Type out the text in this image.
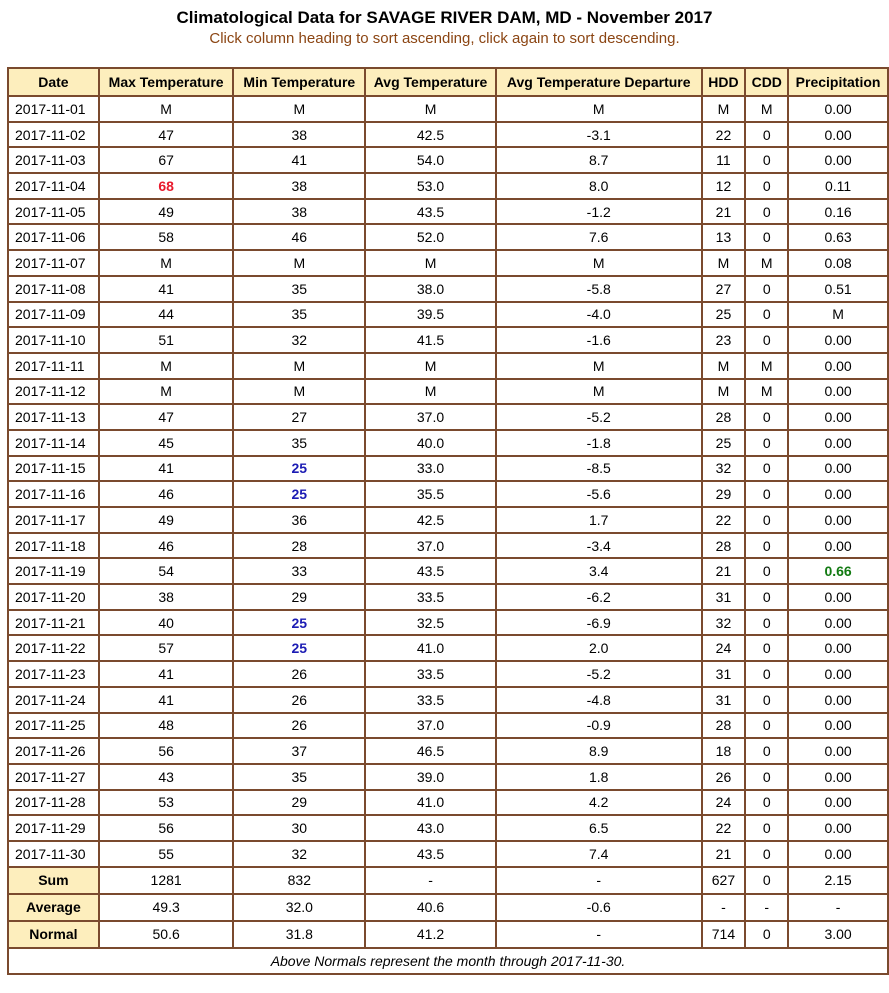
Climatological Data for SAVAGE RIVER DAM, MD - November 2017
Click column heading to sort ascending, click again to sort descending.
Date	Max Temperature	Min Temperature	Avg Temperature	Avg Temperature Departure	HDD	CDD	Precipitation
2017-11-01	M	M	M	M	M	M	0.00
2017-11-02	47	38	42.5	-3.1	22	0	0.00
2017-11-03	67	41	54.0	8.7	11	0	0.00
2017-11-04	68	38	53.0	8.0	12	0	0.11
2017-11-05	49	38	43.5	-1.2	21	0	0.16
2017-11-06	58	46	52.0	7.6	13	0	0.63
2017-11-07	M	M	M	M	M	M	0.08
2017-11-08	41	35	38.0	-5.8	27	0	0.51
2017-11-09	44	35	39.5	-4.0	25	0	M
2017-11-10	51	32	41.5	-1.6	23	0	0.00
2017-11-11	M	M	M	M	M	M	0.00
2017-11-12	M	M	M	M	M	M	0.00
2017-11-13	47	27	37.0	-5.2	28	0	0.00
2017-11-14	45	35	40.0	-1.8	25	0	0.00
2017-11-15	41	25	33.0	-8.5	32	0	0.00
2017-11-16	46	25	35.5	-5.6	29	0	0.00
2017-11-17	49	36	42.5	1.7	22	0	0.00
2017-11-18	46	28	37.0	-3.4	28	0	0.00
2017-11-19	54	33	43.5	3.4	21	0	0.66
2017-11-20	38	29	33.5	-6.2	31	0	0.00
2017-11-21	40	25	32.5	-6.9	32	0	0.00
2017-11-22	57	25	41.0	2.0	24	0	0.00
2017-11-23	41	26	33.5	-5.2	31	0	0.00
2017-11-24	41	26	33.5	-4.8	31	0	0.00
2017-11-25	48	26	37.0	-0.9	28	0	0.00
2017-11-26	56	37	46.5	8.9	18	0	0.00
2017-11-27	43	35	39.0	1.8	26	0	0.00
2017-11-28	53	29	41.0	4.2	24	0	0.00
2017-11-29	56	30	43.0	6.5	22	0	0.00
2017-11-30	55	32	43.5	7.4	21	0	0.00
Sum	1281	832	-	-	627	0	2.15
Average	49.3	32.0	40.6	-0.6	-	-	-
Normal	50.6	31.8	41.2	-	714	0	3.00
Above Normals represent the month through 2017-11-30.							
